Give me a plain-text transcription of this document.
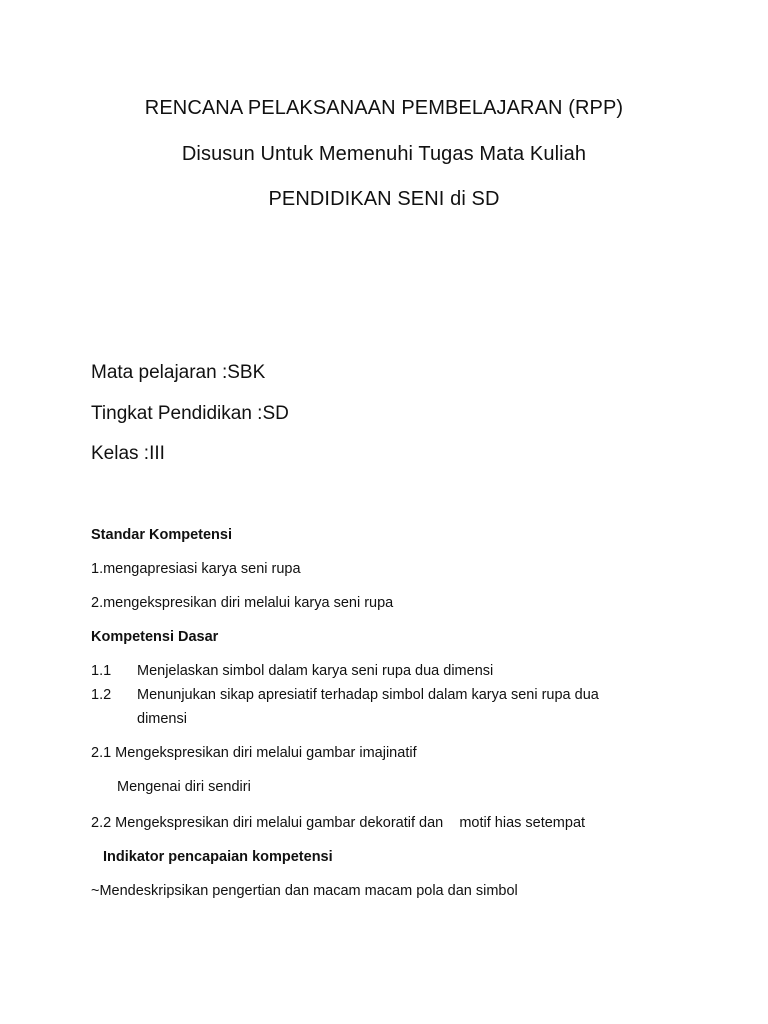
RENCANA PELAKSANAAN PEMBELAJARAN (RPP)
Disusun Untuk Memenuhi Tugas Mata Kuliah
PENDIDIKAN SENI di SD
Mata pelajaran :SBK
Tingkat Pendidikan :SD
Kelas :III
Standar Kompetensi
1.mengapresiasi karya seni rupa
2.mengekspresikan diri melalui karya seni rupa
Kompetensi Dasar
1.1 Menjelaskan simbol dalam karya seni rupa dua dimensi
1.2 Menunjukan sikap apresiatif terhadap simbol dalam karya seni rupa dua
dimensi
2.1 Mengekspresikan diri melalui gambar imajinatif
Mengenai diri sendiri
2.2 Mengekspresikan diri melalui gambar dekoratif dan    motif hias setempat
Indikator pencapaian kompetensi
~Mendeskripsikan pengertian dan macam macam pola dan simbol
